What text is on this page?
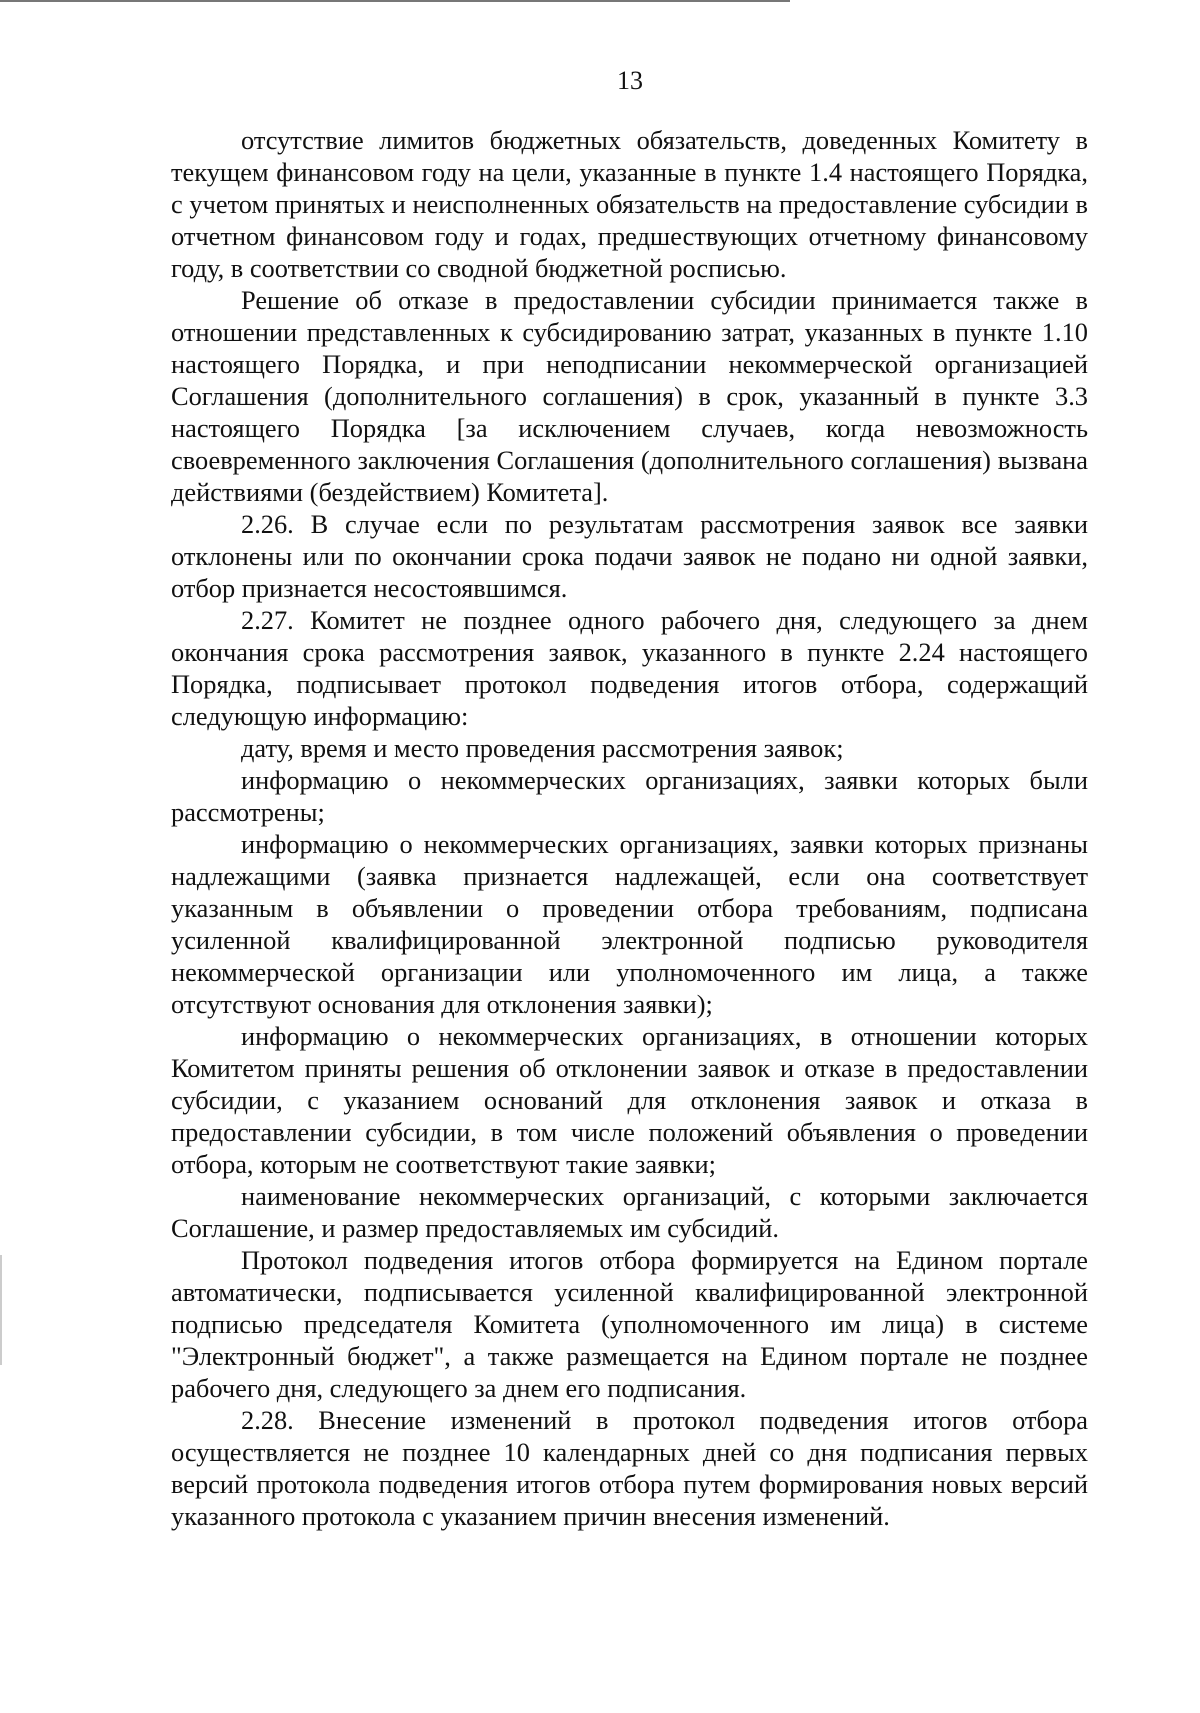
13

отсутствие лимитов бюджетных обязательств, доведенных Комитету в текущем финансовом году на цели, указанные в пункте 1.4 настоящего Порядка, с учетом принятых и неисполненных обязательств на предоставление субсидии в отчетном финансовом году и годах, предшествующих отчетному финансовому году, в соответствии со сводной бюджетной росписью.

Решение об отказе в предоставлении субсидии принимается также в отношении представленных к субсидированию затрат, указанных в пункте 1.10 настоящего Порядка, и при неподписании некоммерческой организацией Соглашения (дополнительного соглашения) в срок, указанный в пункте 3.3 настоящего Порядка [за исключением случаев, когда невозможность своевременного заключения Соглашения (дополнительного соглашения) вызвана действиями (бездействием) Комитета].

2.26. В случае если по результатам рассмотрения заявок все заявки отклонены или по окончании срока подачи заявок не подано ни одной заявки, отбор признается несостоявшимся.

2.27. Комитет не позднее одного рабочего дня, следующего за днем окончания срока рассмотрения заявок, указанного в пункте 2.24 настоящего Порядка, подписывает протокол подведения итогов отбора, содержащий следующую информацию:

дату, время и место проведения рассмотрения заявок;

информацию о некоммерческих организациях, заявки которых были рассмотрены;

информацию о некоммерческих организациях, заявки которых признаны надлежащими (заявка признается надлежащей, если она соответствует указанным в объявлении о проведении отбора требованиям, подписана усиленной квалифицированной электронной подписью руководителя некоммерческой организации или уполномоченного им лица, а также отсутствуют основания для отклонения заявки);

информацию о некоммерческих организациях, в отношении которых Комитетом приняты решения об отклонении заявок и отказе в предоставлении субсидии, с указанием оснований для отклонения заявок и отказа в предоставлении субсидии, в том числе положений объявления о проведении отбора, которым не соответствуют такие заявки;

наименование некоммерческих организаций, с которыми заключается Соглашение, и размер предоставляемых им субсидий.

Протокол подведения итогов отбора формируется на Едином портале автоматически, подписывается усиленной квалифицированной электронной подписью председателя Комитета (уполномоченного им лица) в системе "Электронный бюджет", а также размещается на Едином портале не позднее рабочего дня, следующего за днем его подписания.

2.28. Внесение изменений в протокол подведения итогов отбора осуществляется не позднее 10 календарных дней со дня подписания первых версий протокола подведения итогов отбора путем формирования новых версий указанного протокола с указанием причин внесения изменений.
